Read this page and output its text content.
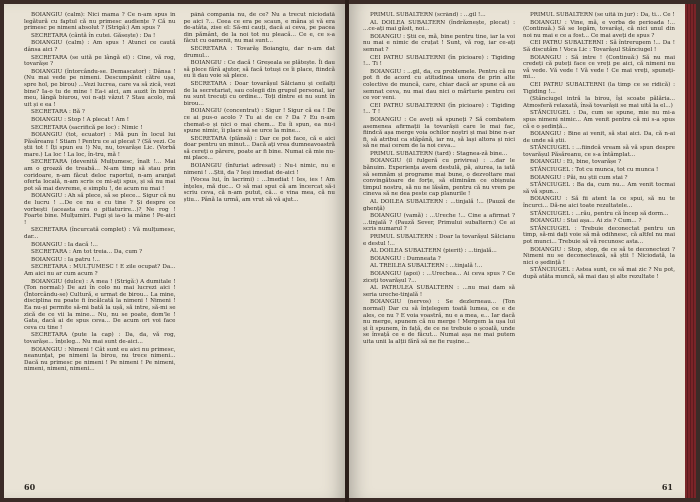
BOIANGIU (calm): Nici mama ? Ce n-am spus în legătură cu faptul că nu primesc audiențe ? Că nu primesc pe nimeni absolut ? (Strigă:) Am spus ?

SECRETARA (cântă în cutei. Găsește) : Da !

BOIANGIU (calm) : Am spus ! Atunci ce caută dânsa aici ?

SECRETARA (se uită pe lângă el) : Cine, vă rog, tovarășe ?

BOIANGIU (întorcându-se. Demascator) : Dânsa ! (Nu mai vede pe nimeni. Descumpănit către ușa, spre hol, pe birou) ...Vezi lucrea, care va să zică, vezi bine? Ia-o tu de mine ! Ea-i aici, am auzit în biroul meu, lângă biurou, voi n-ați văzut ? Stau acolo, mă uit și e ea !

SECRETARA : Bă ?

BOIANGIU : Stop ! A plecat ! Am !

SECRETARA (sacrifică pe loc) : Nimic !

BOIANGIU (tot, ecuator) : Mă pun în locul lui Păsăreanu ! Stiam ! Pentru ce ai plecat ? (Să vezi. Ce știi tot ! Îți spun eu !) Nu, nu, tovarășe Lic. (Vorbă mare.) La loc ! La loc, în-tru, mă !

SECRETARA (devenită Mulțumesc, înalt !... Mai am o groază de treabă... N-am timp să stau prin coridoare, n-am făcut deloc raportul, n-am aranjat oferta locală, n-am scris ce mi-ați spus, și să nu mai pot să mai devreme, e simplu !, de acum nu mai !

BOIANGIU : Ah să plece, să se plece... Sigur că nu de lucru ! ...De ce nu e cu tine ? Și despre ce vorbești (aceasta era o pitiaturire...)? Ne rog ! Foarte bine. Mulțumiri. Fugi și ia-o la mâne ! Pe-aici !

SECRETARA (încurcată complet) : Vă mulțumesc, dar...

BOIANGIU : Ia dacă !...

SECRETARA : Am tot treia... Da, cum ?

BOIANGIU : Ia patru !...

SECRETARA : MULȚUMESC ! E zile ocupat? Da... Am aici nu ar cum acum ?

BOIANGIU (dulce) : A mea ! (Strigă:) A dumitale ! (Ton normal:) De azi în colo nu mai lucrezi aici ! (Întorcându-se) Cultură, e urmat de birou... La mine, disciplina nu poate fi încălcată la nimeni ! Nimeni ! Ea nu-și permite să-mi bată la ușă, să intre, să-mi se zică de ce vii la mine... Nu, nu se poate, dom'le ! Gata, dacă ai de spus ceva... De acum ori voi face ceva cu tine !

SECRETARA (pute la cap) : Da, da, vă rog, tovarășe... înțeleg... Nu mai sunt de-aici...

BOIANGIU : Nimeni ! Cât sunt eu aici nu primesc, neanunțat, pe nimeni la birou, nu trece nimeni... Dacă nu primesc pe nimeni ! Pe nimeni ! Pe nimeni, nimeni, nimeni, nimeni...

până compania nu, de ce? Nu a trecut niciodată pe aici ?... Ceea ce era pe scaun, e mâna și vă era de-atâta, zise el: Să-mi cauți, dacă ai ceva, pe pacea din pământ, de la noi tot nu pleacă... Ce e, ce s-a făcut cu oamenii, nu mai sunt...

SECRETARA : Tovarăș Boiangiu, dar n-am dat drumul...

BOIANGIU : Ce dacă ! Greșeala se plătește. Îi dau să plece fără ajutor, să facă totuși ce îi place, fiindcă eu îi dau voie să plece.

SECRETARA : Doar tovarășul Sălcianu și ceilalți de la secretariat, sau colegii din grupul personal, iar nu sunt trecuți cu ordine... Toți dintre ei nu sunt în birou...

BOIANGIU (concentrat) : Sigur ! Sigur că ea ! De ce ai pus-o acolo ? Tu ai de ce ? Da ? Eu n-am chemat-o și nici o mai chem... Eu îi spun, ea nu-i spune nimic, îi place să se urce la mine...

SECRETARA (plânsă) : Dar ce pot face, că e aici doar pentru un minut... Dacă ați vrea dumneavoastră să cereți o părere, poate ar fi bine. Numai că mie nu-mi place...

BOIANGIU (înfuriat adresat) : Nu-i nimic, nu e nimeni ! ...Știi, da ? Ieși imediat de-aici !

(Vocea lui, în lacrimi) : ...Imediat ! Ies, ies ! Am înțeles, mă duc... O să mai spui că am încercat să-i scriu ceva, că n-am putut, că... e vina mea, că nu știu... Până la urmă, am vrut să vă ajut...

60

PRIMUL SUBALTERN (scrând) : ...gil !...

AL DOILEA SUBALTERN (îndrăznește, plecat) : ...ce-ați mai găsit, noi...

BOIANGIU : Știi ce, mă, bine pentru tine, iar la voi nu mai e nimic de cruțat ! Sunt, vă rog, iar ce-ați semnat ?

CEI PATRU SUBALTERNI (în picioare) : Tigiding !... Ti !

BOIANGIU : ...gil, da, cu problemele. Pentru că nu pot fi de acord cu atitudinea unora de prin alte colective de muncă, care, chiar dacă ar spune că au semnat ceva, nu mai dau nici o mărturie pentru cei ce vor veni.

CEI PATRU SUBALTERNI (în picioare) : Tigiding !... T !

BOIANGIU : Ce aveți să spuneți ? Să combatem asemenea afirmații la tovarășii care le mai fac, fiindcă așa merge voia ochilor noștri și mai bine n-ar fi, să atribui ca stăpână, iar nu, să lași altora și nici să ne mai cerem de la noi ceva...

PRIMUL SUBALTERN (tard) : Stagnea-ză bine...

BOIANGIU (il fulgeră cu privirea) : ...dar le bănuim. Experiența avem destulă, pă, aiurea, ia iată să semnăm și programe mai bune, o dezvoltare mai convingătoare de forțe, să eliminăm ce obișnuia timpul nostru, să nu ne lăsăm, pentru că nu vrem pe cineva să ne dea peste cap planurile !

AL DOILEA SUBALTERN : ...tinjală !... (Pauză de ghență)

BOIANGIU (vamă) : ...Ureche !... Cine a afirmat ? ...tinjală ? (Pauză Sever, Primului subaltern:) Ce ai scris numarul ?

PRIMUL SUBALTERN : Doar la tovarășul Sălcianu e destul !...

AL DOILEA SUBALTERN (pierit) : ...tinjală...

BOIANGIU : Dumneata ?

AL TREILEA SUBALTERN : ...tinjală !...

BOIANGIU (apoi) : ...Urechea... Ai ceva spus ? Ce ziceți tovarășul ?...

AL PATRULEA SUBALTERN : ...nu mai dam să seria ureche-tinjală !

BOIANGIU (nervos) : Se dezlerneau... (Ton normal) Dar cu să înțelegem toată lumea, ce e de ales, ce nu ? E voia voastră, nu e a mea, e... Iar dacă nu merge, spunem că nu merge ! Mergem la ușa lui și îi spunem, în față, de ce ne trebuie o școală, unde se învață ce e de făcut... Numai așa ne mai putem uita unii la alții fără să ne fie rușine...

PRIMUL SUBALTERN (se uită în jur) : Da, ti... Ce !

BOIANGIU : Vine, mă, e vorba de perioada !... (Continuă.) Să se legăm, tovarăși, că nici unul din noi nu mai e ce a fost... Ce mai aveți de spus ?

CEI PATRU SUBALTERNI : Să întrerupem !... Da ! Să discutăm ! Voca Lic : Tovarășul Stănciugel !

BOIANGIU : Să intre ! (Continuă:) Să nu mai credeți că puteți face ce vreți pe aici, că nimeni nu vă vede. Vă vede ! Vă vede ! Ce mai vreți, spuneți-mi...

CEI PATRU SUBALTERNI (la timp ce se ridică) : Tigiding !...

(Stănciugel intră la birou, își scoate pălăria... Atmosferă relaxată, însă tovarășii se mai uită la el...)

STĂNCIUGEL : Da, cum se spune, mie nu mi-a spus nimeni nimic... Am venit pentru că mi s-a spus că e o ședință...

BOIANGIU : Bine ai venit, să stai aici. Da, că n-ai de unde să știi.

STĂNCIUGEL : ...fiindcă vream să vă spun despre tovarășul Păsăreanu, ce s-a întâmplat...

BOIANGIU : Ei, bine, tovarășe ?

STĂNCIUGEL : Tot cu munca, tot cu munca !

BOIANGIU : Păi, nu știi cum stai ?

STĂNCIUGEL : Ba da, cum nu... Am venit tocmai să vă spun...

BOIANGIU : Să fii atent la ce spui, să nu te încurci... Dă-ne aici toate rezultatele...

STĂNCIUGEL : ...rău, pentru că încep să dorm...

BOIANGIU : Stai așa... Ai zis ? Cum... ?

STĂNCIUGEL : Trebuie deconectat pentru un timp, să-mi dați voie să mă odihnesc, că altfel nu mai pot munci... Trebuie să vă recunosc asta...

BOIANGIU : Stop, stop, de ce să te deconectezi ? Nimeni nu se deconectează, să știi ! Niciodată, la nici o ședință !

STĂNCIUGEL : Astea sunt, ce să mai zic ? Nu pot, după atâta muncă, să mai dau și alte rezultate !

61
